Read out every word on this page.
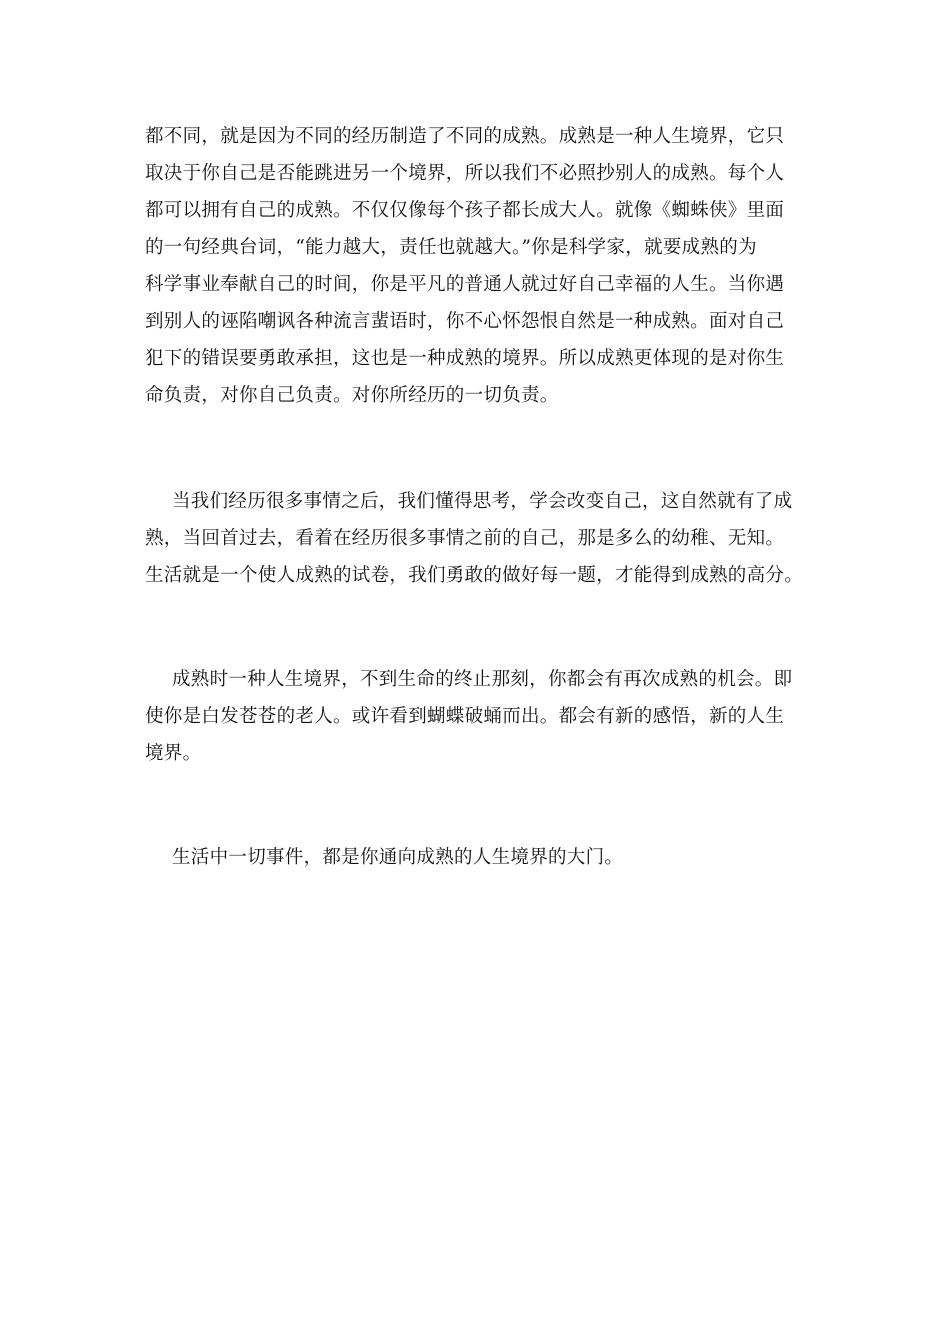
都不同，就是因为不同的经历制造了不同的成熟。成熟是一种人生境界，它只

取决于你自己是否能跳进另一个境界，所以我们不必照抄别人的成熟。每个人

都可以拥有自己的成熟。不仅仅像每个孩子都长成大人。就像《蜘蛛侠》里面

的一句经典台词，“能力越大，责任也就越大。”你是科学家，就要成熟的为

科学事业奉献自己的时间，你是平凡的普通人就过好自己幸福的人生。当你遇

到别人的诬陷嘲讽各种流言蜚语时，你不心怀怨恨自然是一种成熟。面对自己

犯下的错误要勇敢承担，这也是一种成熟的境界。所以成熟更体现的是对你生

命负责，对你自己负责。对你所经历的一切负责。

当我们经历很多事情之后，我们懂得思考，学会改变自己，这自然就有了成

熟，当回首过去，看着在经历很多事情之前的自己，那是多么的幼稚、无知。

生活就是一个使人成熟的试卷，我们勇敢的做好每一题，才能得到成熟的高分。

成熟时一种人生境界，不到生命的终止那刻，你都会有再次成熟的机会。即

使你是白发苍苍的老人。或许看到蝴蝶破蛹而出。都会有新的感悟，新的人生

境界。

生活中一切事件，都是你通向成熟的人生境界的大门。
